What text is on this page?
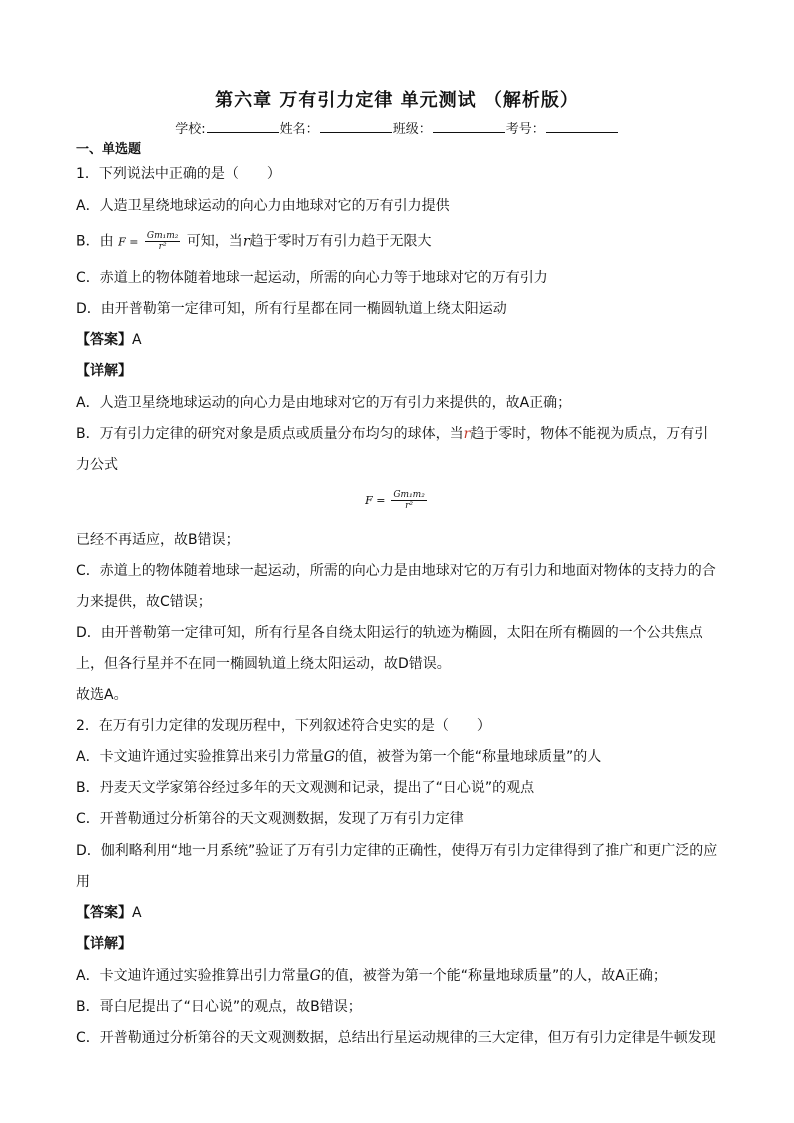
第六章 万有引力定律 单元测试 （解析版）
学校:	姓名：	班级：	考号：
一、单选题
1．下列说法中正确的是（　　）
A．人造卫星绕地球运动的向心力由地球对它的万有引力提供
B．由 $F = \frac{\text{Gm₁m₂}}{\text{r²}}$ 可知，当r趋于零时万有引力趋于无限大
C．赤道上的物体随着地球一起运动，所需的向心力等于地球对它的万有引力
D．由开普勒第一定律可知，所有行星都在同一椭圆轨道上绕太阳运动
【答案】A
【详解】
A．人造卫星绕地球运动的向心力是由地球对它的万有引力来提供的，故A正确；
B．万有引力定律的研究对象是质点或质量分布均匀的球体，当r趋于零时，物体不能视为质点，万有引
力公式
$F = \frac{\text{Gm₁m₂}}{\text{r²}}$
已经不再适应，故B错误；
C．赤道上的物体随着地球一起运动，所需的向心力是由地球对它的万有引力和地面对物体的支持力的合
力来提供，故C错误；
D．由开普勒第一定律可知，所有行星各自绕太阳运行的轨迹为椭圆，太阳在所有椭圆的一个公共焦点
上，但各行星并不在同一椭圆轨道上绕太阳运动，故D错误。
故选A。
2．在万有引力定律的发现历程中，下列叙述符合史实的是（　　）
A．卡文迪许通过实验推算出来引力常量G的值，被誉为第一个能“称量地球质量”的人
B．丹麦天文学家第谷经过多年的天文观测和记录，提出了“日心说”的观点
C．开普勒通过分析第谷的天文观测数据，发现了万有引力定律
D．伽利略利用“地一月系统”验证了万有引力定律的正确性，使得万有引力定律得到了推广和更广泛的应
用
【答案】A
【详解】
A．卡文迪许通过实验推算出引力常量G的值，被誉为第一个能“称量地球质量”的人，故A正确；
B．哥白尼提出了“日心说”的观点，故B错误；
C．开普勒通过分析第谷的天文观测数据，总结出行星运动规律的三大定律，但万有引力定律是牛顿发现
